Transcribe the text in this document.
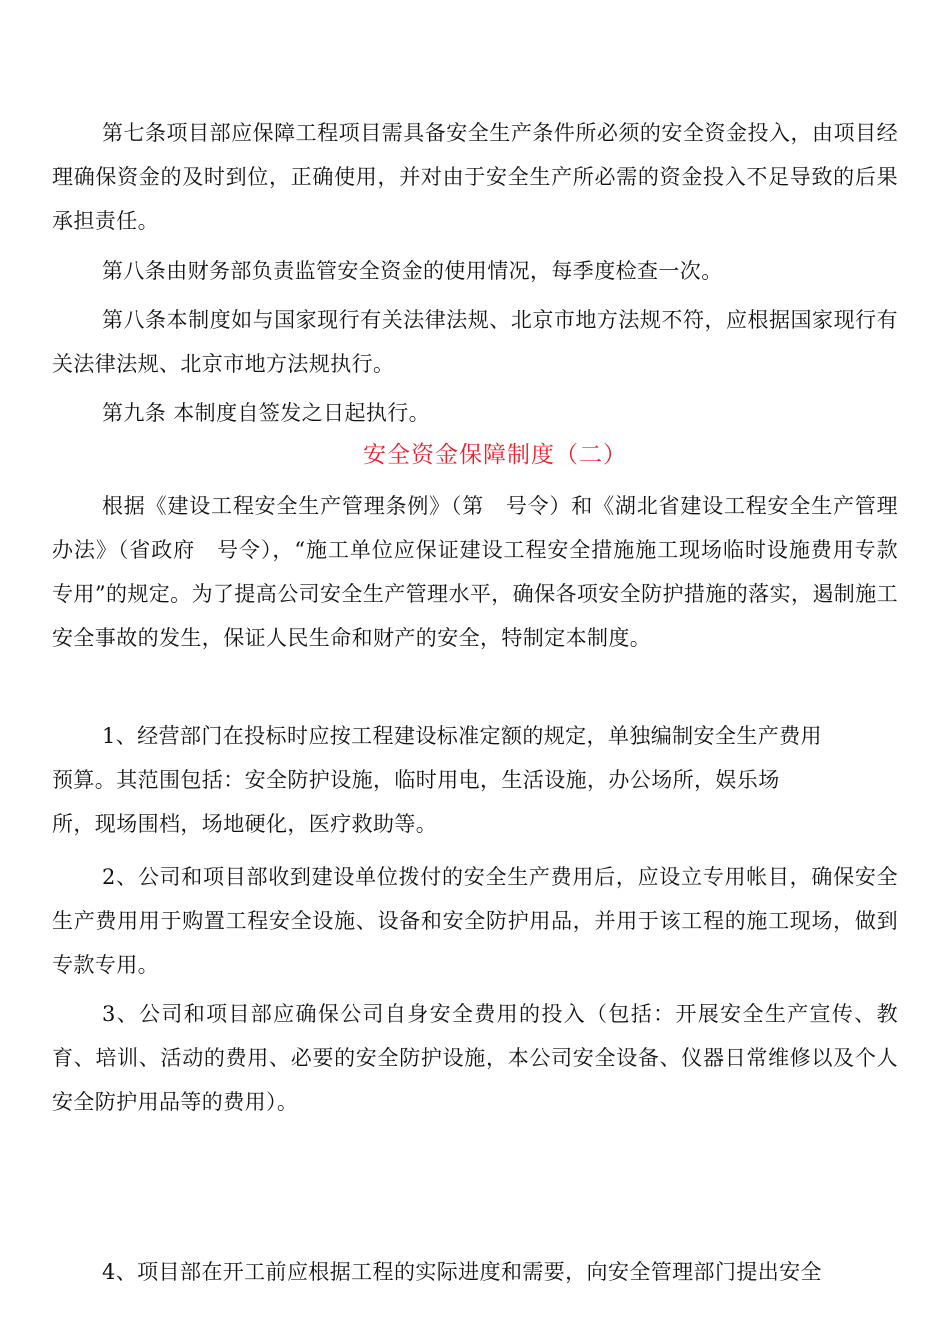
第七条项目部应保障工程项目需具备安全生产条件所必须的安全资金投入，由项目经理确保资金的及时到位，正确使用，并对由于安全生产所必需的资金投入不足导致的后果承担责任。

第八条由财务部负责监管安全资金的使用情况，每季度检查一次。

第八条本制度如与国家现行有关法律法规、北京市地方法规不符，应根据国家现行有关法律法规、北京市地方法规执行。

第九条 本制度自签发之日起执行。

安全资金保障制度（二）

根据《建设工程安全生产管理条例》（第　号令）和《湖北省建设工程安全生产管理办法》（省政府　号令），“施工单位应保证建设工程安全措施施工现场临时设施费用专款专用”的规定。为了提高公司安全生产管理水平，确保各项安全防护措施的落实，遏制施工安全事故的发生，保证人民生命和财产的安全，特制定本制度。

1、经营部门在投标时应按工程建设标准定额的规定，单独编制安全生产费用

预算。其范围包括：安全防护设施，临时用电，生活设施，办公场所，娱乐场

所，现场围档，场地硬化，医疗救助等。

2、公司和项目部收到建设单位拨付的安全生产费用后，应设立专用帐目，确保安全生产费用用于购置工程安全设施、设备和安全防护用品，并用于该工程的施工现场，做到专款专用。

3、公司和项目部应确保公司自身安全费用的投入（包括：开展安全生产宣传、教育、培训、活动的费用、必要的安全防护设施，本公司安全设备、仪器日常维修以及个人安全防护用品等的费用）。

4、项目部在开工前应根据工程的实际进度和需要，向安全管理部门提出安全
